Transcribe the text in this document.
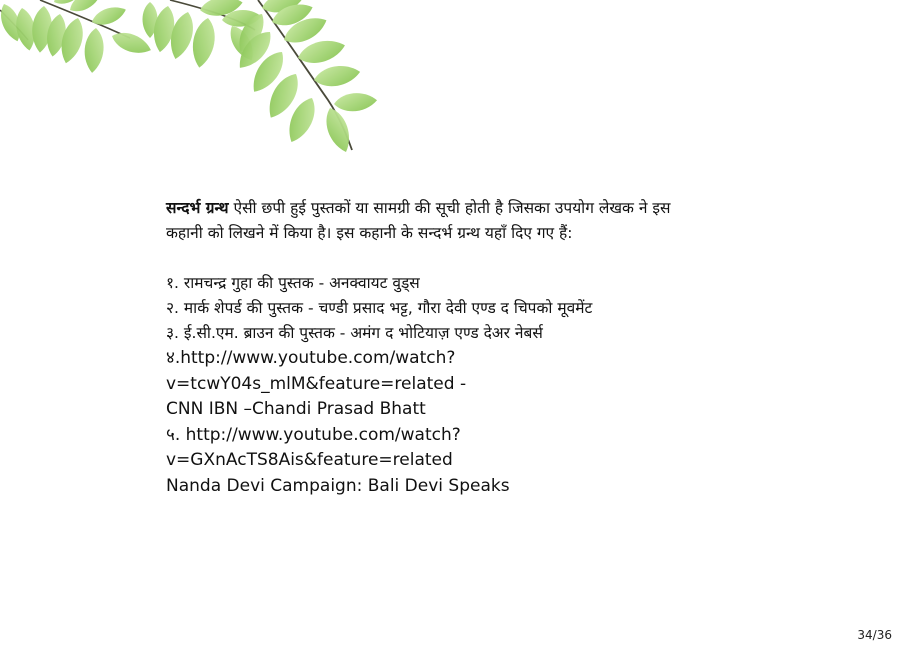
सन्दर्भ ग्रन्थ ऐसी छपी हुई पुस्तकों या सामग्री की सूची होती है जिसका उपयोग लेखक ने इस
कहानी को लिखने में किया है। इस कहानी के सन्दर्भ ग्रन्थ यहाँ दिए गए हैं:

१. रामचन्द्र गुहा की पुस्तक - अनक्वायट वुड्स
२. मार्क शेपर्ड की पुस्तक - चण्डी प्रसाद भट्ट, गौरा देवी एण्ड द चिपको मूवमेंट
३. ई.सी.एम. ब्राउन की पुस्तक - अमंग द भोटियाज़ एण्ड देअर नेबर्स
४.http://www.youtube.com/watch?
v=tcwY04s_mlM&feature=related -
CNN IBN –Chandi Prasad Bhatt
५. http://www.youtube.com/watch?
v=GXnAcTS8Ais&feature=related
Nanda Devi Campaign: Bali Devi Speaks
34/36
